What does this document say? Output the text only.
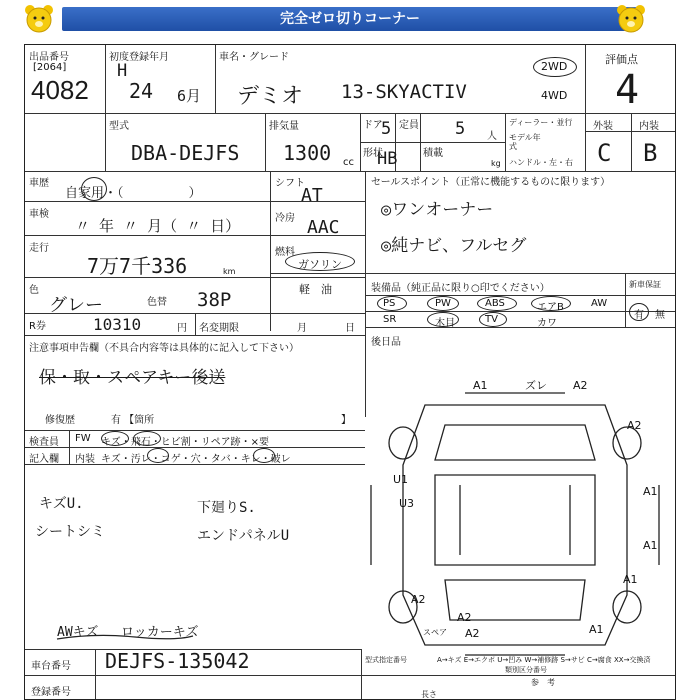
完全ゼロ切りコーナー
出品番号
[2064]
4082
初度登録年月
H
24 6月
車名・グレード
デミオ 13-SKYACTIV
2WD
4WD
評価点
4
型式
DBA-DEJFS
排気量
1300 cc
ドア
5 定員 5 人
形状
HB	積載
kg
ディーラー・並行
モデル年式
ハンドル・左・右
外装	内装
C B
車歴
自家用・（　　　　　）
車検
〃 年 〃 月（ 〃 日）
走行
7万7千336	km
色
グレー	色替 38P
シフト
AT
冷房 AAC
燃料
ガソリン
軽　油
セールスポイント（正常に機能するものに限ります）
◎ワンオーナー
◎純ナビ、フルセグ
装備品（純正品に限り○印でください）	新車保証
PS	PW	ABS	エアB	AW
SR	木目	TV	カワ
有 無
R券	10310	円 名変期限	月	日
後日品
注意事項申告欄（不具合内容等は具体的に記入して下さい）
保・取・スペアキー後送
修復歴	有 【箇所	】
検査員
記入欄
FW キズ・飛石・ヒビ割・リペア跡・×要
内装 キズ・汚レ・コゲ・穴・タバ・キレ・破レ
キズU.
シートシミ
下廻りS.
エンドパネルU
AWキズ ロッカーキズ
A1	ズレ A2
A2
A1
U1
U3
A1
A1
A2
A2
スペア A2	A1
車台番号 DEJFS-135042
登録番号
型式指定番号	A→キズ E→エクボ U→凹み W→補修跡 S→サビ C→腐食 XX→交換済
類別区分番号
参　考
長さ
